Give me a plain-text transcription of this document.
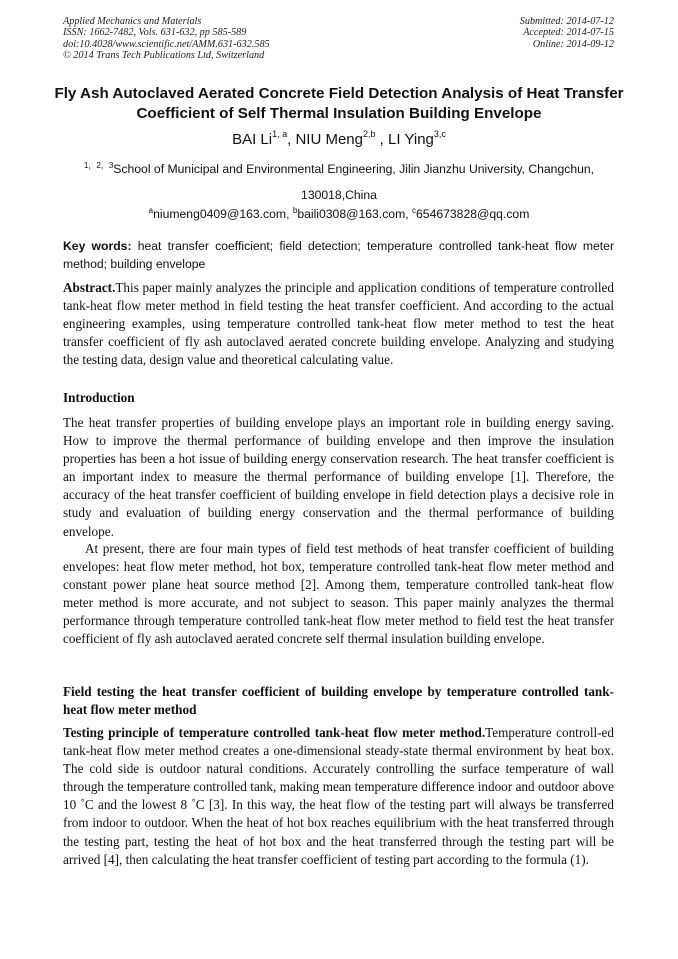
Applied Mechanics and Materials
ISSN: 1662-7482, Vols. 631-632, pp 585-589
doi:10.4028/www.scientific.net/AMM.631-632.585
© 2014 Trans Tech Publications Ltd, Switzerland
Submitted: 2014-07-12
Accepted: 2014-07-15
Online: 2014-09-12
Fly Ash Autoclaved Aerated Concrete Field Detection Analysis of Heat Transfer Coefficient of Self Thermal Insulation Building Envelope
BAI Li$^{1, a}$, NIU Meng$^{2,b}$ , LI Ying$^{3,c}$
$^{1,2,3}$School of Municipal and Environmental Engineering, Jilin Jianzhu University, Changchun, 130018,China
$^a$niumeng0409@163.com, $^b$baili0308@163.com, $^c$654673828@qq.com
Key words: heat transfer coefficient; field detection; temperature controlled tank-heat flow meter method; building envelope
Abstract.This paper mainly analyzes the principle and application conditions of temperature controlled tank-heat flow meter method in field testing the heat transfer coefficient. And according to the actual engineering examples, using temperature controlled tank-heat flow meter method to test the heat transfer coefficient of fly ash autoclaved aerated concrete building envelope. Analyzing and studying the testing data, design value and theoretical calculating value.
Introduction
The heat transfer properties of building envelope plays an important role in building energy saving. How to improve the thermal performance of building envelope and then improve the insulation properties has been a hot issue of building energy conservation research. The heat transfer coefficient is an important index to measure the thermal performance of building envelope [1]. Therefore, the accuracy of the heat transfer coefficient of building envelope in field detection plays a decisive role in study and evaluation of building energy conservation and the thermal performance of building envelope.
At present, there are four main types of field test methods of heat transfer coefficient of building envelopes: heat flow meter method, hot box, temperature controlled tank-heat flow meter method and constant power plane heat source method [2]. Among them, temperature controlled tank-heat flow meter method is more accurate, and not subject to season. This paper mainly analyzes the thermal performance through temperature controlled tank-heat flow meter method to field test the heat transfer coefficient of fly ash autoclaved aerated concrete self thermal insulation building envelope.
Field testing the heat transfer coefficient of building envelope by temperature controlled tank-heat flow meter method
Testing principle of temperature controlled tank-heat flow meter method.Temperature controll-ed tank-heat flow meter method creates a one-dimensional steady-state thermal environment by heat box. The cold side is outdoor natural conditions. Accurately controlling the surface temperature of wall through the temperature controlled tank, making mean temperature difference indoor and outdoor above 10 ˚C and the lowest 8 ˚C [3]. In this way, the heat flow of the testing part will always be transferred from indoor to outdoor. When the heat of hot box reaches equilibrium with the heat transferred through the testing part, testing the heat of hot box and the heat transferred through the testing part will be arrived [4], then calculating the heat transfer coefficient of testing part according to the formula (1).
